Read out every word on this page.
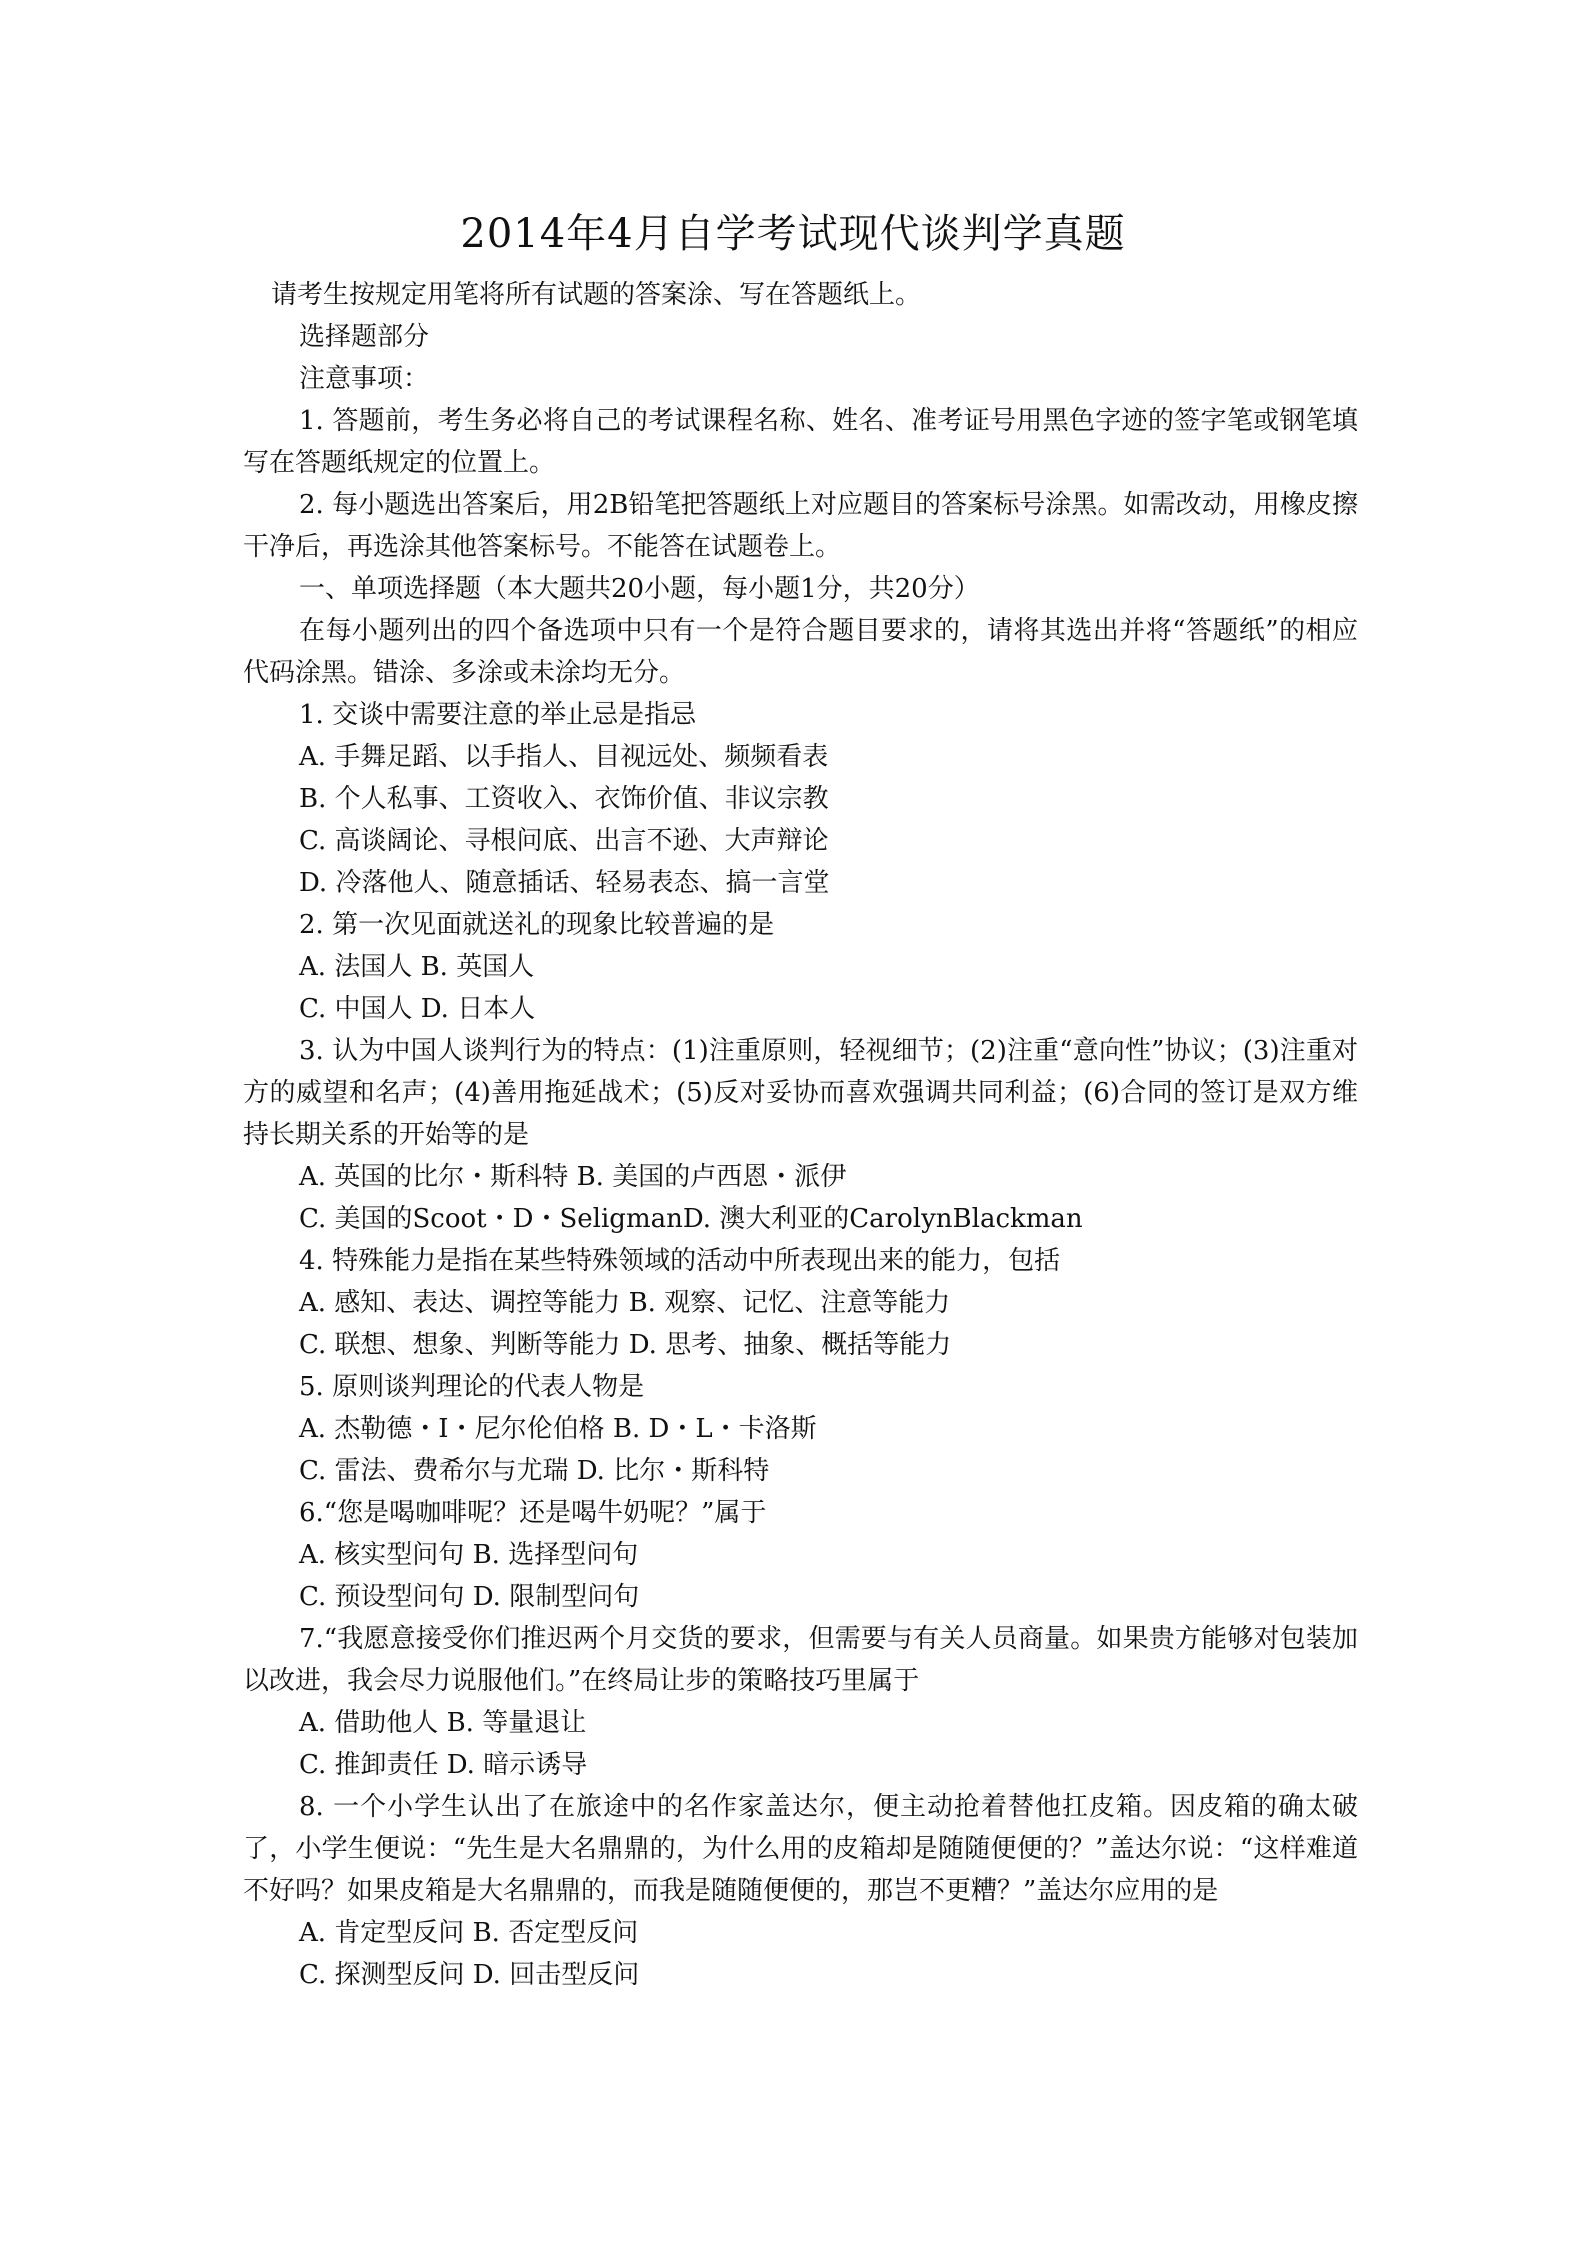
2014年4月自学考试现代谈判学真题

请考生按规定用笔将所有试题的答案涂、写在答题纸上。

选择题部分

注意事项：

1. 答题前，考生务必将自己的考试课程名称、姓名、准考证号用黑色字迹的签字笔或钢笔填写在答题纸规定的位置上。

2. 每小题选出答案后，用2B铅笔把答题纸上对应题目的答案标号涂黑。如需改动，用橡皮擦干净后，再选涂其他答案标号。不能答在试题卷上。

一、单项选择题（本大题共20小题，每小题1分，共20分）

在每小题列出的四个备选项中只有一个是符合题目要求的，请将其选出并将“答题纸”的相应代码涂黑。错涂、多涂或未涂均无分。

1. 交谈中需要注意的举止忌是指忌

A. 手舞足蹈、以手指人、目视远处、频频看表

B. 个人私事、工资收入、衣饰价值、非议宗教

C. 高谈阔论、寻根问底、出言不逊、大声辩论

D. 冷落他人、随意插话、轻易表态、搞一言堂

2. 第一次见面就送礼的现象比较普遍的是

A. 法国人 B. 英国人

C. 中国人 D. 日本人

3. 认为中国人谈判行为的特点：(1)注重原则，轻视细节；(2)注重“意向性”协议；(3)注重对方的威望和名声；(4)善用拖延战术；(5)反对妥协而喜欢强调共同利益；(6)合同的签订是双方维持长期关系的开始等的是

A. 英国的比尔・斯科特 B. 美国的卢西恩・派伊

C. 美国的Scoot・D・SeligmanD. 澳大利亚的CarolynBlackman

4. 特殊能力是指在某些特殊领域的活动中所表现出来的能力，包括

A. 感知、表达、调控等能力 B. 观察、记忆、注意等能力

C. 联想、想象、判断等能力 D. 思考、抽象、概括等能力

5. 原则谈判理论的代表人物是

A. 杰勒德・I・尼尔伦伯格 B. D・L・卡洛斯

C. 雷法、费希尔与尤瑞 D. 比尔・斯科特

6.“您是喝咖啡呢？还是喝牛奶呢？”属于

A. 核实型问句 B. 选择型问句

C. 预设型问句 D. 限制型问句

7.“我愿意接受你们推迟两个月交货的要求，但需要与有关人员商量。如果贵方能够对包装加以改进，我会尽力说服他们。”在终局让步的策略技巧里属于

A. 借助他人 B. 等量退让

C. 推卸责任 D. 暗示诱导

8. 一个小学生认出了在旅途中的名作家盖达尔，便主动抢着替他扛皮箱。因皮箱的确太破了，小学生便说：“先生是大名鼎鼎的，为什么用的皮箱却是随随便便的？”盖达尔说：“这样难道不好吗？如果皮箱是大名鼎鼎的，而我是随随便便的，那岂不更糟？”盖达尔应用的是

A. 肯定型反问 B. 否定型反问

C. 探测型反问 D. 回击型反问
